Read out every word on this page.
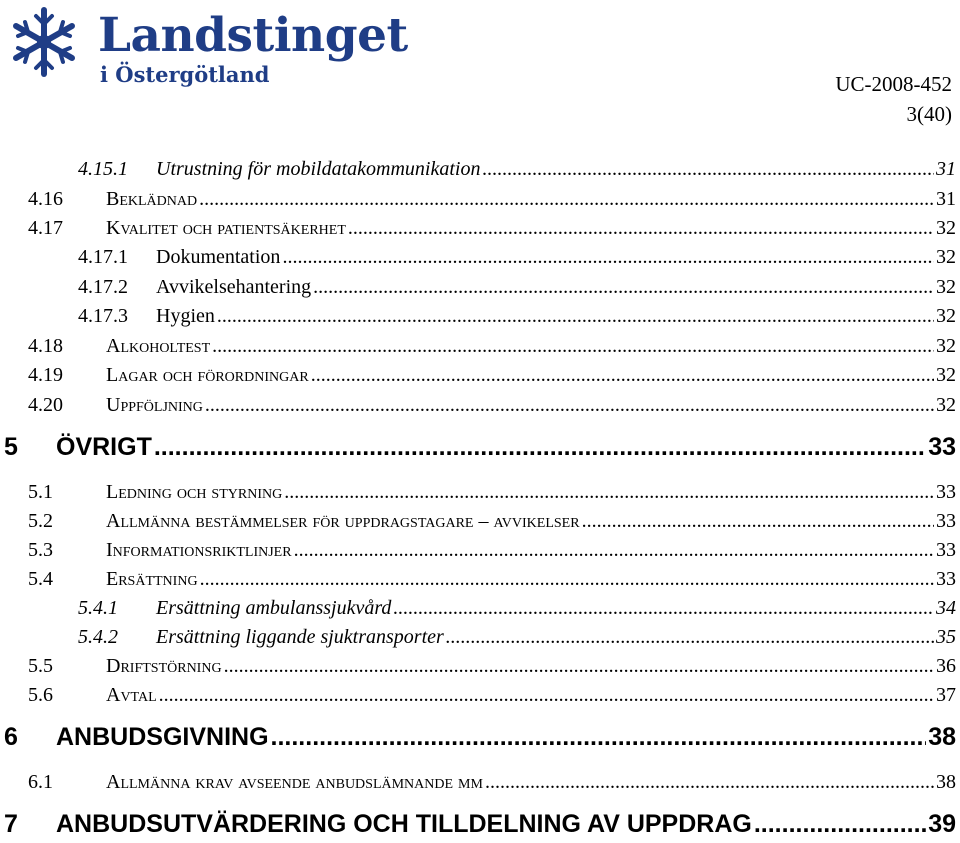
Landstinget
i Östergötland	UC-2008-452
3(40)
4.15.1	Utrustning för mobildatakommunikation .....	31
4.16	Beklädnad .....	31
4.17	Kvalitet och patientsäkerhet .....	32
4.17.1	Dokumentation .....	32
4.17.2	Avvikelsehantering .....	32
4.17.3	Hygien .....	32
4.18	Alkoholtest .....	32
4.19	Lagar och förordningar .....	32
4.20	Uppföljning .....	32
5	ÖVRIGT .....	33
5.1	Ledning och styrning .....	33
5.2	Allmänna bestämmelser för uppdragstagare – avvikelser .....	33
5.3	Informationsriktlinjer .....	33
5.4	Ersättning .....	33
5.4.1	Ersättning ambulanssjukvård .....	34
5.4.2	Ersättning liggande sjuktransporter .....	35
5.5	Driftstörning .....	36
5.6	Avtal .....	37
6	ANBUDSGIVNING .....	38
6.1	Allmänna krav avseende anbudslämnande mm .....	38
7	ANBUDSUTVÄRDERING OCH TILLDELNING AV UPPDRAG .....	39
